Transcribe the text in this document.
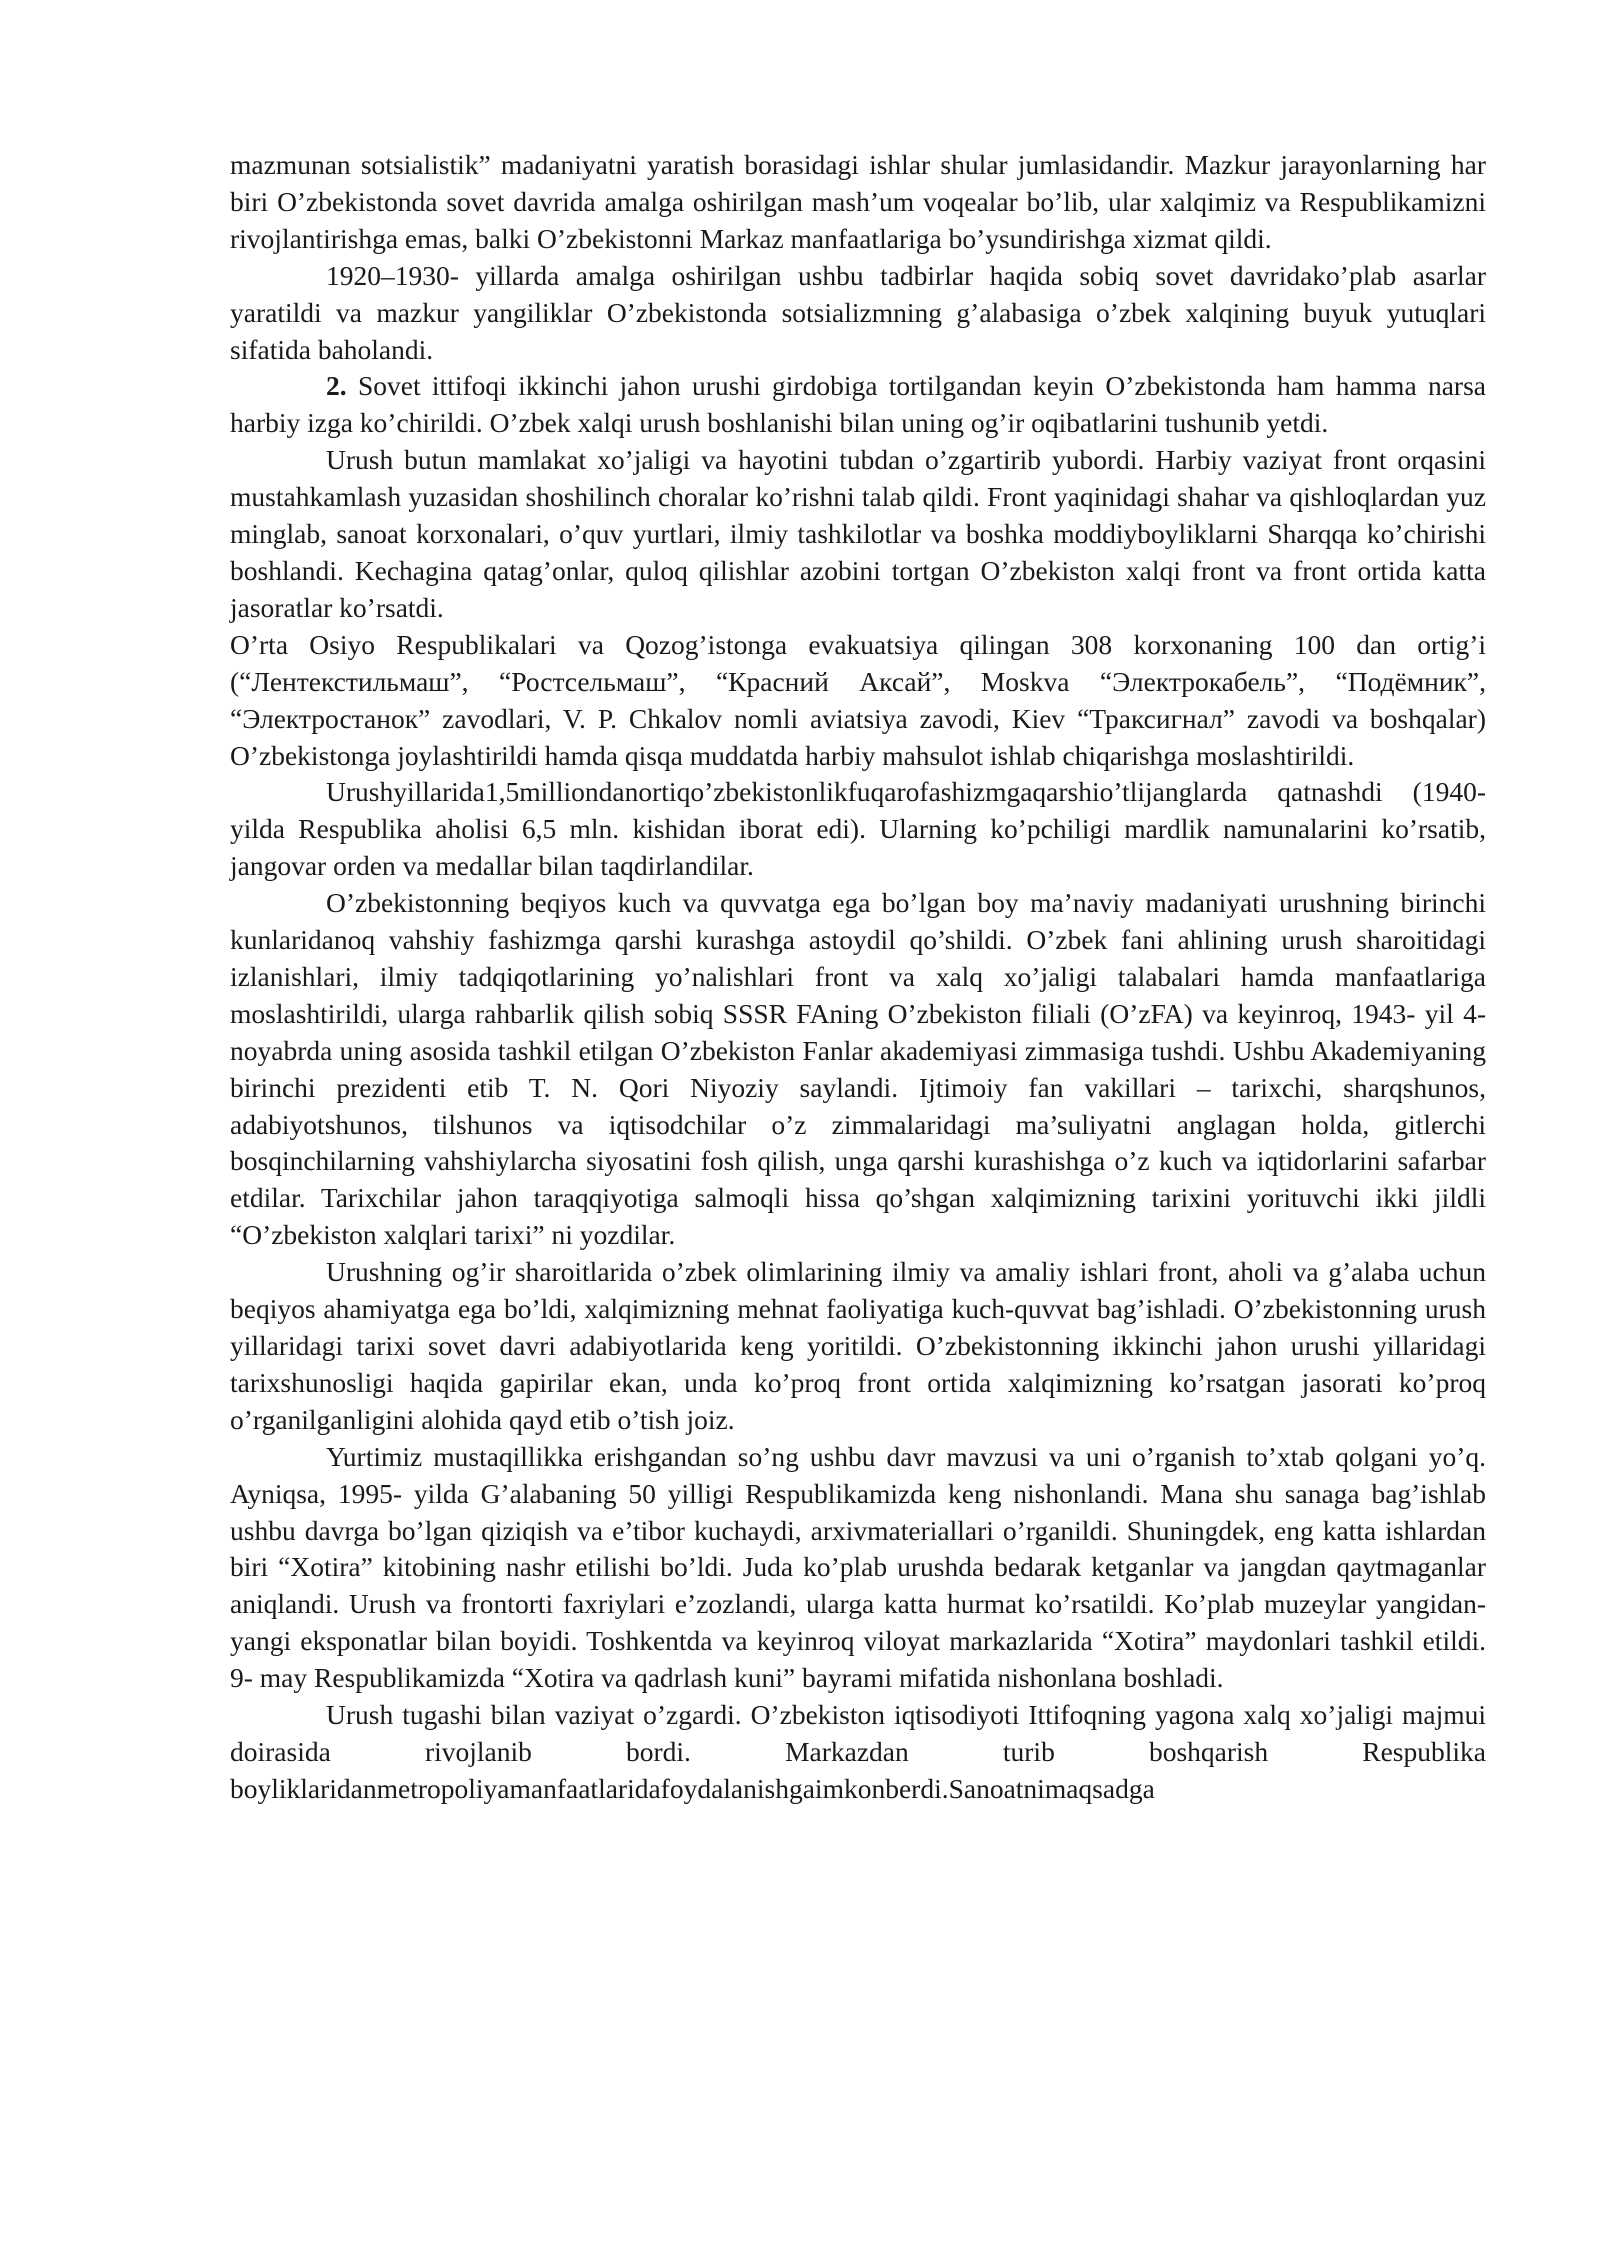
mazmunan sotsialistik” madaniyatni yaratish borasidagi ishlar shular jumlasidandir. Mazkur jarayonlarning har biri O’zbekistonda sovet davrida amalga oshirilgan mash’um voqealar bo’lib, ular xalqimiz va Respublikamizni rivojlantirishga emas, balki O’zbekistonni Markaz manfaatlariga bo’ysundirishga xizmat qildi.

1920–1930- yillarda amalga oshirilgan ushbu tadbirlar haqida sobiq sovet davridako’plab asarlar yaratildi va mazkur yangiliklar O’zbekistonda sotsializmning g’alabasiga o’zbek xalqining buyuk yutuqlari sifatida baholandi.

2. Sovet ittifoqi ikkinchi jahon urushi girdobiga tortilgandan keyin O’zbekistonda ham hamma narsa harbiy izga ko’chirildi. O’zbek xalqi urush boshlanishi bilan uning og’ir oqibatlarini tushunib yetdi.

Urush butun mamlakat xo’jaligi va hayotini tubdan o’zgartirib yubordi. Harbiy vaziyat front orqasini mustahkamlash yuzasidan shoshilinch choralar ko’rishni talab qildi. Front yaqinidagi shahar va qishloqlardan yuz minglab, sanoat korxonalari, o’quv yurtlari, ilmiy tashkilotlar va boshka moddiyboyliklarni Sharqqa ko’chirishi boshlandi. Kechagina qatag’onlar, quloq qilishlar azobini tortgan O’zbekiston xalqi front va front ortida katta jasoratlar ko’rsatdi.

O’rta Osiyo Respublikalari va Qozog’istonga evakuatsiya qilingan 308 korxonaning 100 dan ortig’i (“Лентекстильмаш”, “Ростсельмаш”, “Красний Аксай”, Moskva “Электрокабель”, “Подёмник”, “Электростанок” zavodlari, V. P. Chkalov nomli aviatsiya zavodi, Kiev “Траксигнал” zavodi va boshqalar) O’zbekistonga joylashtirildi hamda qisqa muddatda harbiy mahsulot ishlab chiqarishga moslashtirildi.

Urushyillarida1,5milliondanortiqo’zbekistonlikfuqarofashizmgaqarshio’tlijanglarda qatnashdi (1940- yilda Respublika aholisi 6,5 mln. kishidan iborat edi). Ularning ko’pchiligi mardlik namunalarini ko’rsatib, jangovar orden va medallar bilan taqdirlandilar.

O’zbekistonning beqiyos kuch va quvvatga ega bo’lgan boy ma’naviy madaniyati urushning birinchi kunlaridanoq vahshiy fashizmga qarshi kurashga astoydil qo’shildi. O’zbek fani ahlining urush sharoitidagi izlanishlari, ilmiy tadqiqotlarining yo’nalishlari front va xalq xo’jaligi talabalari hamda manfaatlariga moslashtirildi, ularga rahbarlik qilish sobiq SSSR FAning O’zbekiston filiali (O’zFA) va keyinroq, 1943- yil 4- noyabrda uning asosida tashkil etilgan O’zbekiston Fanlar akademiyasi zimmasiga tushdi. Ushbu Akademiyaning birinchi prezidenti etib T. N. Qori Niyoziy saylandi. Ijtimoiy fan vakillari – tarixchi, sharqshunos, adabiyotshunos, tilshunos va iqtisodchilar o’z zimmalaridagi ma’suliyatni anglagan holda, gitlerchi bosqinchilarning vahshiylarcha siyosatini fosh qilish, unga qarshi kurashishga o’z kuch va iqtidorlarini safarbar etdilar. Tarixchilar jahon taraqqiyotiga salmoqli hissa qo’shgan xalqimizning tarixini yorituvchi ikki jildli “O’zbekiston xalqlari tarixi” ni yozdilar.

Urushning og’ir sharoitlarida o’zbek olimlarining ilmiy va amaliy ishlari front, aholi va g’alaba uchun beqiyos ahamiyatga ega bo’ldi, xalqimizning mehnat faoliyatiga kuch-quvvat bag’ishladi. O’zbekistonning urush yillaridagi tarixi sovet davri adabiyotlarida keng yoritildi. O’zbekistonning ikkinchi jahon urushi yillaridagi tarixshunosligi haqida gapirilar ekan, unda ko’proq front ortida xalqimizning ko’rsatgan jasorati ko’proq o’rganilganligini alohida qayd etib o’tish joiz.

Yurtimiz mustaqillikka erishgandan so’ng ushbu davr mavzusi va uni o’rganish to’xtab qolgani yo’q. Ayniqsa, 1995- yilda G’alabaning 50 yilligi Respublikamizda keng nishonlandi. Mana shu sanaga bag’ishlab ushbu davrga bo’lgan qiziqish va e’tibor kuchaydi, arxivmateriallari o’rganildi. Shuningdek, eng katta ishlardan biri “Xotira” kitobining nashr etilishi bo’ldi. Juda ko’plab urushda bedarak ketganlar va jangdan qaytmaganlar aniqlandi. Urush va frontorti faxriylari e’zozlandi, ularga katta hurmat ko’rsatildi. Ko’plab muzeylar yangidan-yangi eksponatlar bilan boyidi. Toshkentda va keyinroq viloyat markazlarida “Xotira” maydonlari tashkil etildi. 9- may Respublikamizda “Xotira va qadrlash kuni” bayrami mifatida nishonlana boshladi.

Urush tugashi bilan vaziyat o’zgardi. O’zbekiston iqtisodiyoti Ittifoqning yagona xalq xo’jaligi majmui doirasida rivojlanib bordi. Markazdan turib boshqarish Respublika boyliklaridanmetropoliyamanfaatlaridafoydalanishgaimkonberdi.Sanoatnimaqsadga
